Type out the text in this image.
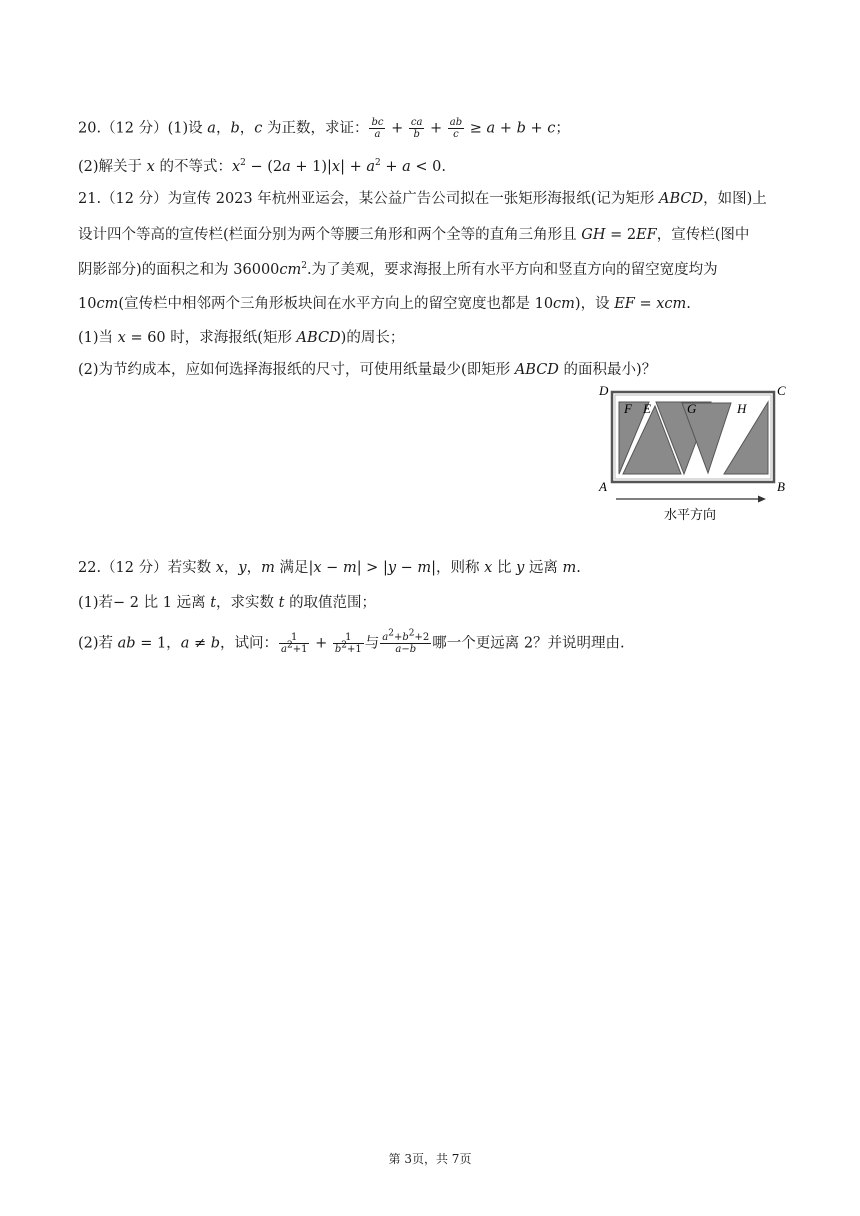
20.（12 分）(1)设 a，b，c 为正数，求证： $\frac{bc}{a} + \frac{ca}{b} + \frac{ab}{c} \ge a + b + c$；
(2)解关于 x 的不等式：$x^2 - (2a + 1)|x| + a^2 + a < 0$.
21.（12 分）为宣传 2023 年杭州亚运会，某公益广告公司拟在一张矩形海报纸(记为矩形 ABCD，如图)上
设计四个等高的宣传栏(栏面分别为两个等腰三角形和两个全等的直角三角形且 GH = 2EF，宣传栏(图中
阴影部分)的面积之和为 $36000cm^2$.为了美观，要求海报上所有水平方向和竖直方向的留空宽度均为
10cm(宣传栏中相邻两个三角形板块间在水平方向上的留空宽度也都是 10cm)，设 EF = xcm.
(1)当 x = 60 时，求海报纸(矩形 ABCD)的周长；
(2)为节约成本，应如何选择海报纸的尺寸，可使用纸量最少(即矩形 ABCD 的面积最小)？
D	C
A	B
F E	G	H
水平方向
22.（12 分）若实数 x，y，m 满足|x − m| > |y − m|，则称 x 比 y 远离 m.
(1)若− 2 比 1 远离 t，求实数 t 的取值范围；
(2)若 ab = 1，a ≠ b，试问： $\frac{1}{a^2+1} + \frac{1}{b^2+1}$ 与 $\frac{a^2+b^2+2}{a-b}$ 哪一个更远离 2？并说明理由.
第 3页，共 7页
